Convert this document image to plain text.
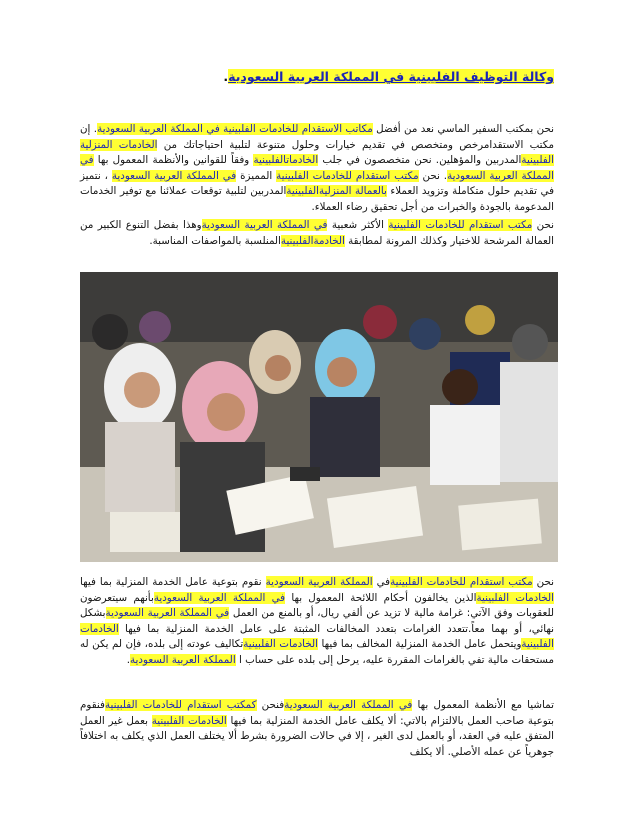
وكالة التوظيف الفلبينية في المملكة العربية السعودية.

نحن بمكتب السفير الماسي نعد من أفضل مكاتب الاستقدام للخادمات الفلبينية في المملكة العربية السعودية. إن مكتب الاستقدامرخص ومتخصص في تقديم خيارات وحلول متنوعة لتلبية احتياجاتك من الخادمات المنزلية الفلبينيةالمدربين والمؤهلين. نحن متخصصون في جلب الخادماتالفلبينية وفقاً للقوانين والأنظمة المعمول بها في المملكة العربية السعودية. نحن مكتب استقدام للخادمات الفلبينية المميزة في المملكة العربية السعودية ، نتميز في تقديم حلول متكاملة وتزويد العملاء بالعمالة المنزليةالفلبينيةالمدربين لتلبية توقعات عملائنا مع توفير الخدمات المدعومة بالجودة والخبرات من أجل تحقيق رضاء العملاء.

نحن مكتب استقدام للخادمات الفلبينية الأكثر شعبية في المملكة العربية السعوديةوهذا بفضل التنوع الكبير من العمالة المرشحة للاختيار وكذلك المرونة لمطابقة الخادمةالفلبينيةالمنلسبة بالمواصفات المناسبة.

نحن مكتب استقدام للخادمات الفلبينيةفي المملكة العربية السعودية نقوم بتوعية عامل الخدمة المنزلية بما فيها الخادمات الفلبينيةالذين يخالفون أحكام اللائحة المعمول بها في المملكة العربية السعوديةبأنهم سيتعرضون للعقوبات وفق الآتي: غرامة مالية لا تزيد عن ألفي ريال، أو بالمنع من العمل في المملكة العربية السعوديةبشكل نهائي، أو بهما معاً.تتعدد الغرامات بتعدد المخالفات المثبتة على عامل الخدمة المنزلية بما فيها الخادمات الفلبينيةويتحمل عامل الخدمة المنزلية المخالف بما فيها الخادمات الفلبينيةتكاليف عودته إلى بلده، فإن لم يكن له مستحقات مالية تفي بالغرامات المقررة عليه، يرحل إلى بلده على حساب ا المملكة العربية السعودية.

تماشيا مع الأنظمة المعمول بها في المملكة العربية السعوديةفنحن كمكتب استقدام للخادمات الفلبينيةفنقوم بتوعية صاحب العمل بالالتزام بالاتي: ألا يكلف عامل الخدمة المنزلية بما فيها الخادمات الفلبينية بعمل غير العمل المتفق عليه في العقد، أو بالعمل لدى الغير ، إلا في حالات الضرورة بشرط ألا يختلف العمل الذي يكلف به اختلافاً جوهرياً عن عمله الأصلي. ألا يكلف
